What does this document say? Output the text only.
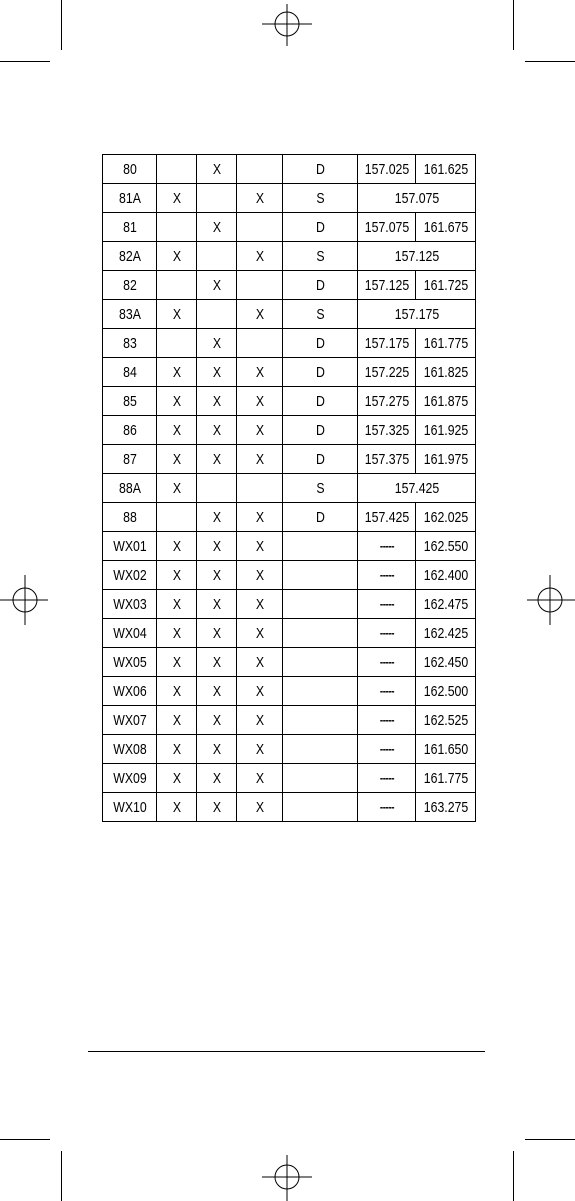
80		X		D	157.025	161.625
81A	X		X	S	157.075	
81		X		D	157.075	161.675
82A	X		X	S	157.125	
82		X		D	157.125	161.725
83A	X		X	S	157.175	
83		X		D	157.175	161.775
84	X	X	X	D	157.225	161.825
85	X	X	X	D	157.275	161.875
86	X	X	X	D	157.325	161.925
87	X	X	X	D	157.375	161.975
88A	X			S	157.425	
88		X	X	D	157.425	162.025
WX01	X	X	X		-----	162.550
WX02	X	X	X		-----	162.400
WX03	X	X	X		-----	162.475
WX04	X	X	X		-----	162.425
WX05	X	X	X		-----	162.450
WX06	X	X	X		-----	162.500
WX07	X	X	X		-----	162.525
WX08	X	X	X		-----	161.650
WX09	X	X	X		-----	161.775
WX10	X	X	X		-----	163.275
